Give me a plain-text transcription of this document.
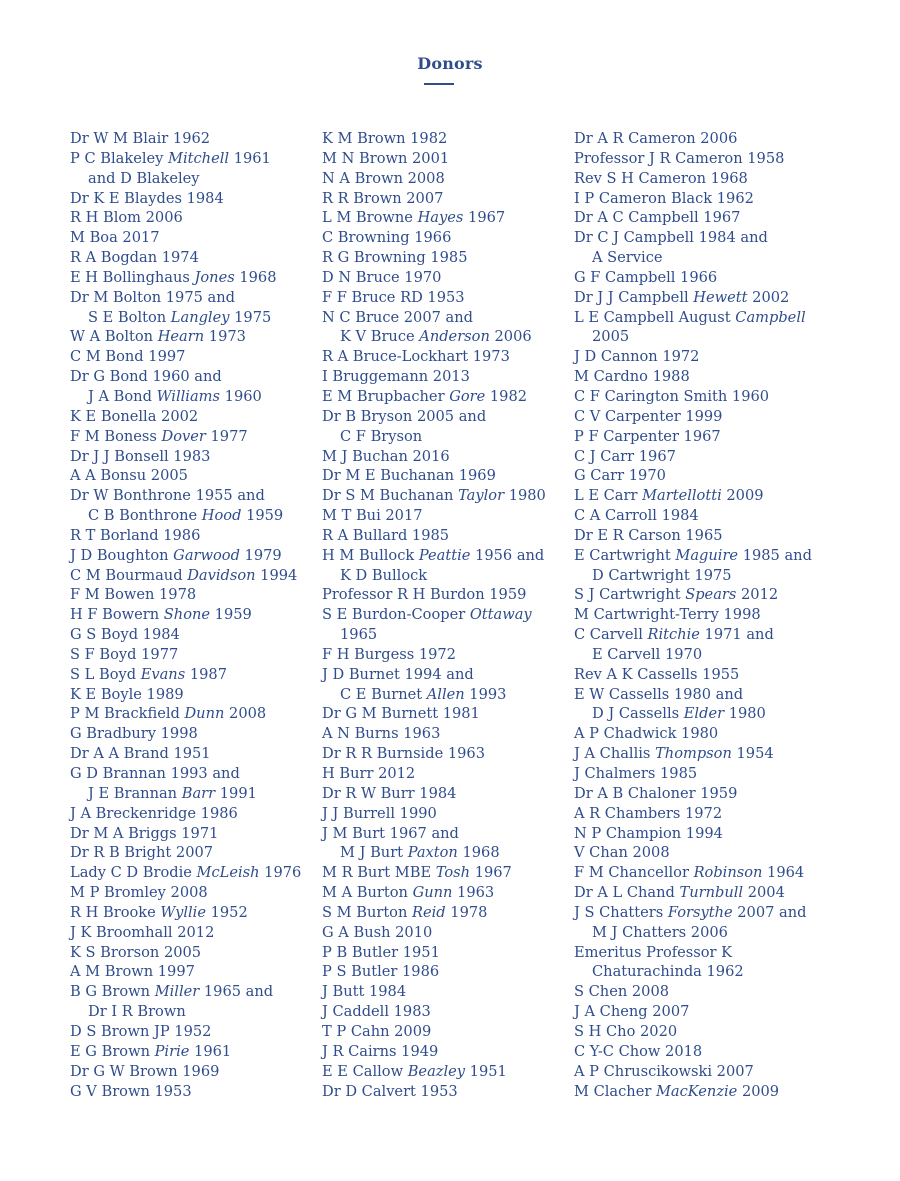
Donors
Dr W M Blair 1962
P C Blakeley Mitchell 1961
and D Blakeley
Dr K E Blaydes 1984
R H Blom 2006
M Boa 2017
R A Bogdan 1974
E H Bollinghaus Jones 1968
Dr M Bolton 1975 and
S E Bolton Langley 1975
W A Bolton Hearn 1973
C M Bond 1997
Dr G Bond 1960 and
J A Bond Williams 1960
K E Bonella 2002
F M Boness Dover 1977
Dr J J Bonsell 1983
A A Bonsu 2005
Dr W Bonthrone 1955 and
C B Bonthrone Hood 1959
R T Borland 1986
J D Boughton Garwood 1979
C M Bourmaud Davidson 1994
F M Bowen 1978
H F Bowern Shone 1959
G S Boyd 1984
S F Boyd 1977
S L Boyd Evans 1987
K E Boyle 1989
P M Brackfield Dunn 2008
G Bradbury 1998
Dr A A Brand 1951
G D Brannan 1993 and
J E Brannan Barr 1991
J A Breckenridge 1986
Dr M A Briggs 1971
Dr R B Bright 2007
Lady C D Brodie McLeish 1976
M P Bromley 2008
R H Brooke Wyllie 1952
J K Broomhall 2012
K S Brorson 2005
A M Brown 1997
B G Brown Miller 1965 and
Dr I R Brown
D S Brown JP 1952
E G Brown Pirie 1961
Dr G W Brown 1969
G V Brown 1953
K M Brown 1982
M N Brown 2001
N A Brown 2008
R R Brown 2007
L M Browne Hayes 1967
C Browning 1966
R G Browning 1985
D N Bruce 1970
F F Bruce RD 1953
N C Bruce 2007 and
K V Bruce Anderson 2006
R A Bruce-Lockhart 1973
I Bruggemann 2013
E M Brupbacher Gore 1982
Dr B Bryson 2005 and
C F Bryson
M J Buchan 2016
Dr M E Buchanan 1969
Dr S M Buchanan Taylor 1980
M T Bui 2017
R A Bullard 1985
H M Bullock Peattie 1956 and
K D Bullock
Professor R H Burdon 1959
S E Burdon-Cooper Ottaway
1965
F H Burgess 1972
J D Burnet 1994 and
C E Burnet Allen 1993
Dr G M Burnett 1981
A N Burns 1963
Dr R R Burnside 1963
H Burr 2012
Dr R W Burr 1984
J J Burrell 1990
J M Burt 1967 and
M J Burt Paxton 1968
M R Burt MBE Tosh 1967
M A Burton Gunn 1963
S M Burton Reid 1978
G A Bush 2010
P B Butler 1951
P S Butler 1986
J Butt 1984
J Caddell 1983
T P Cahn 2009
J R Cairns 1949
E E Callow Beazley 1951
Dr D Calvert 1953
Dr A R Cameron 2006
Professor J R Cameron 1958
Rev S H Cameron 1968
I P Cameron Black 1962
Dr A C Campbell 1967
Dr C J Campbell 1984 and
A Service
G F Campbell 1966
Dr J J Campbell Hewett 2002
L E Campbell August Campbell
2005
J D Cannon 1972
M Cardno 1988
C F Carington Smith 1960
C V Carpenter 1999
P F Carpenter 1967
C J Carr 1967
G Carr 1970
L E Carr Martellotti 2009
C A Carroll 1984
Dr E R Carson 1965
E Cartwright Maguire 1985 and
D Cartwright 1975
S J Cartwright Spears 2012
M Cartwright-Terry 1998
C Carvell Ritchie 1971 and
E Carvell 1970
Rev A K Cassells 1955
E W Cassells 1980 and
D J Cassells Elder 1980
A P Chadwick 1980
J A Challis Thompson 1954
J Chalmers 1985
Dr A B Chaloner 1959
A R Chambers 1972
N P Champion 1994
V Chan 2008
F M Chancellor Robinson 1964
Dr A L Chand Turnbull 2004
J S Chatters Forsythe 2007 and
M J Chatters 2006
Emeritus Professor K
Chaturachinda 1962
S Chen 2008
J A Cheng 2007
S H Cho 2020
C Y-C Chow 2018
A P Chruscikowski 2007
M Clacher MacKenzie 2009
